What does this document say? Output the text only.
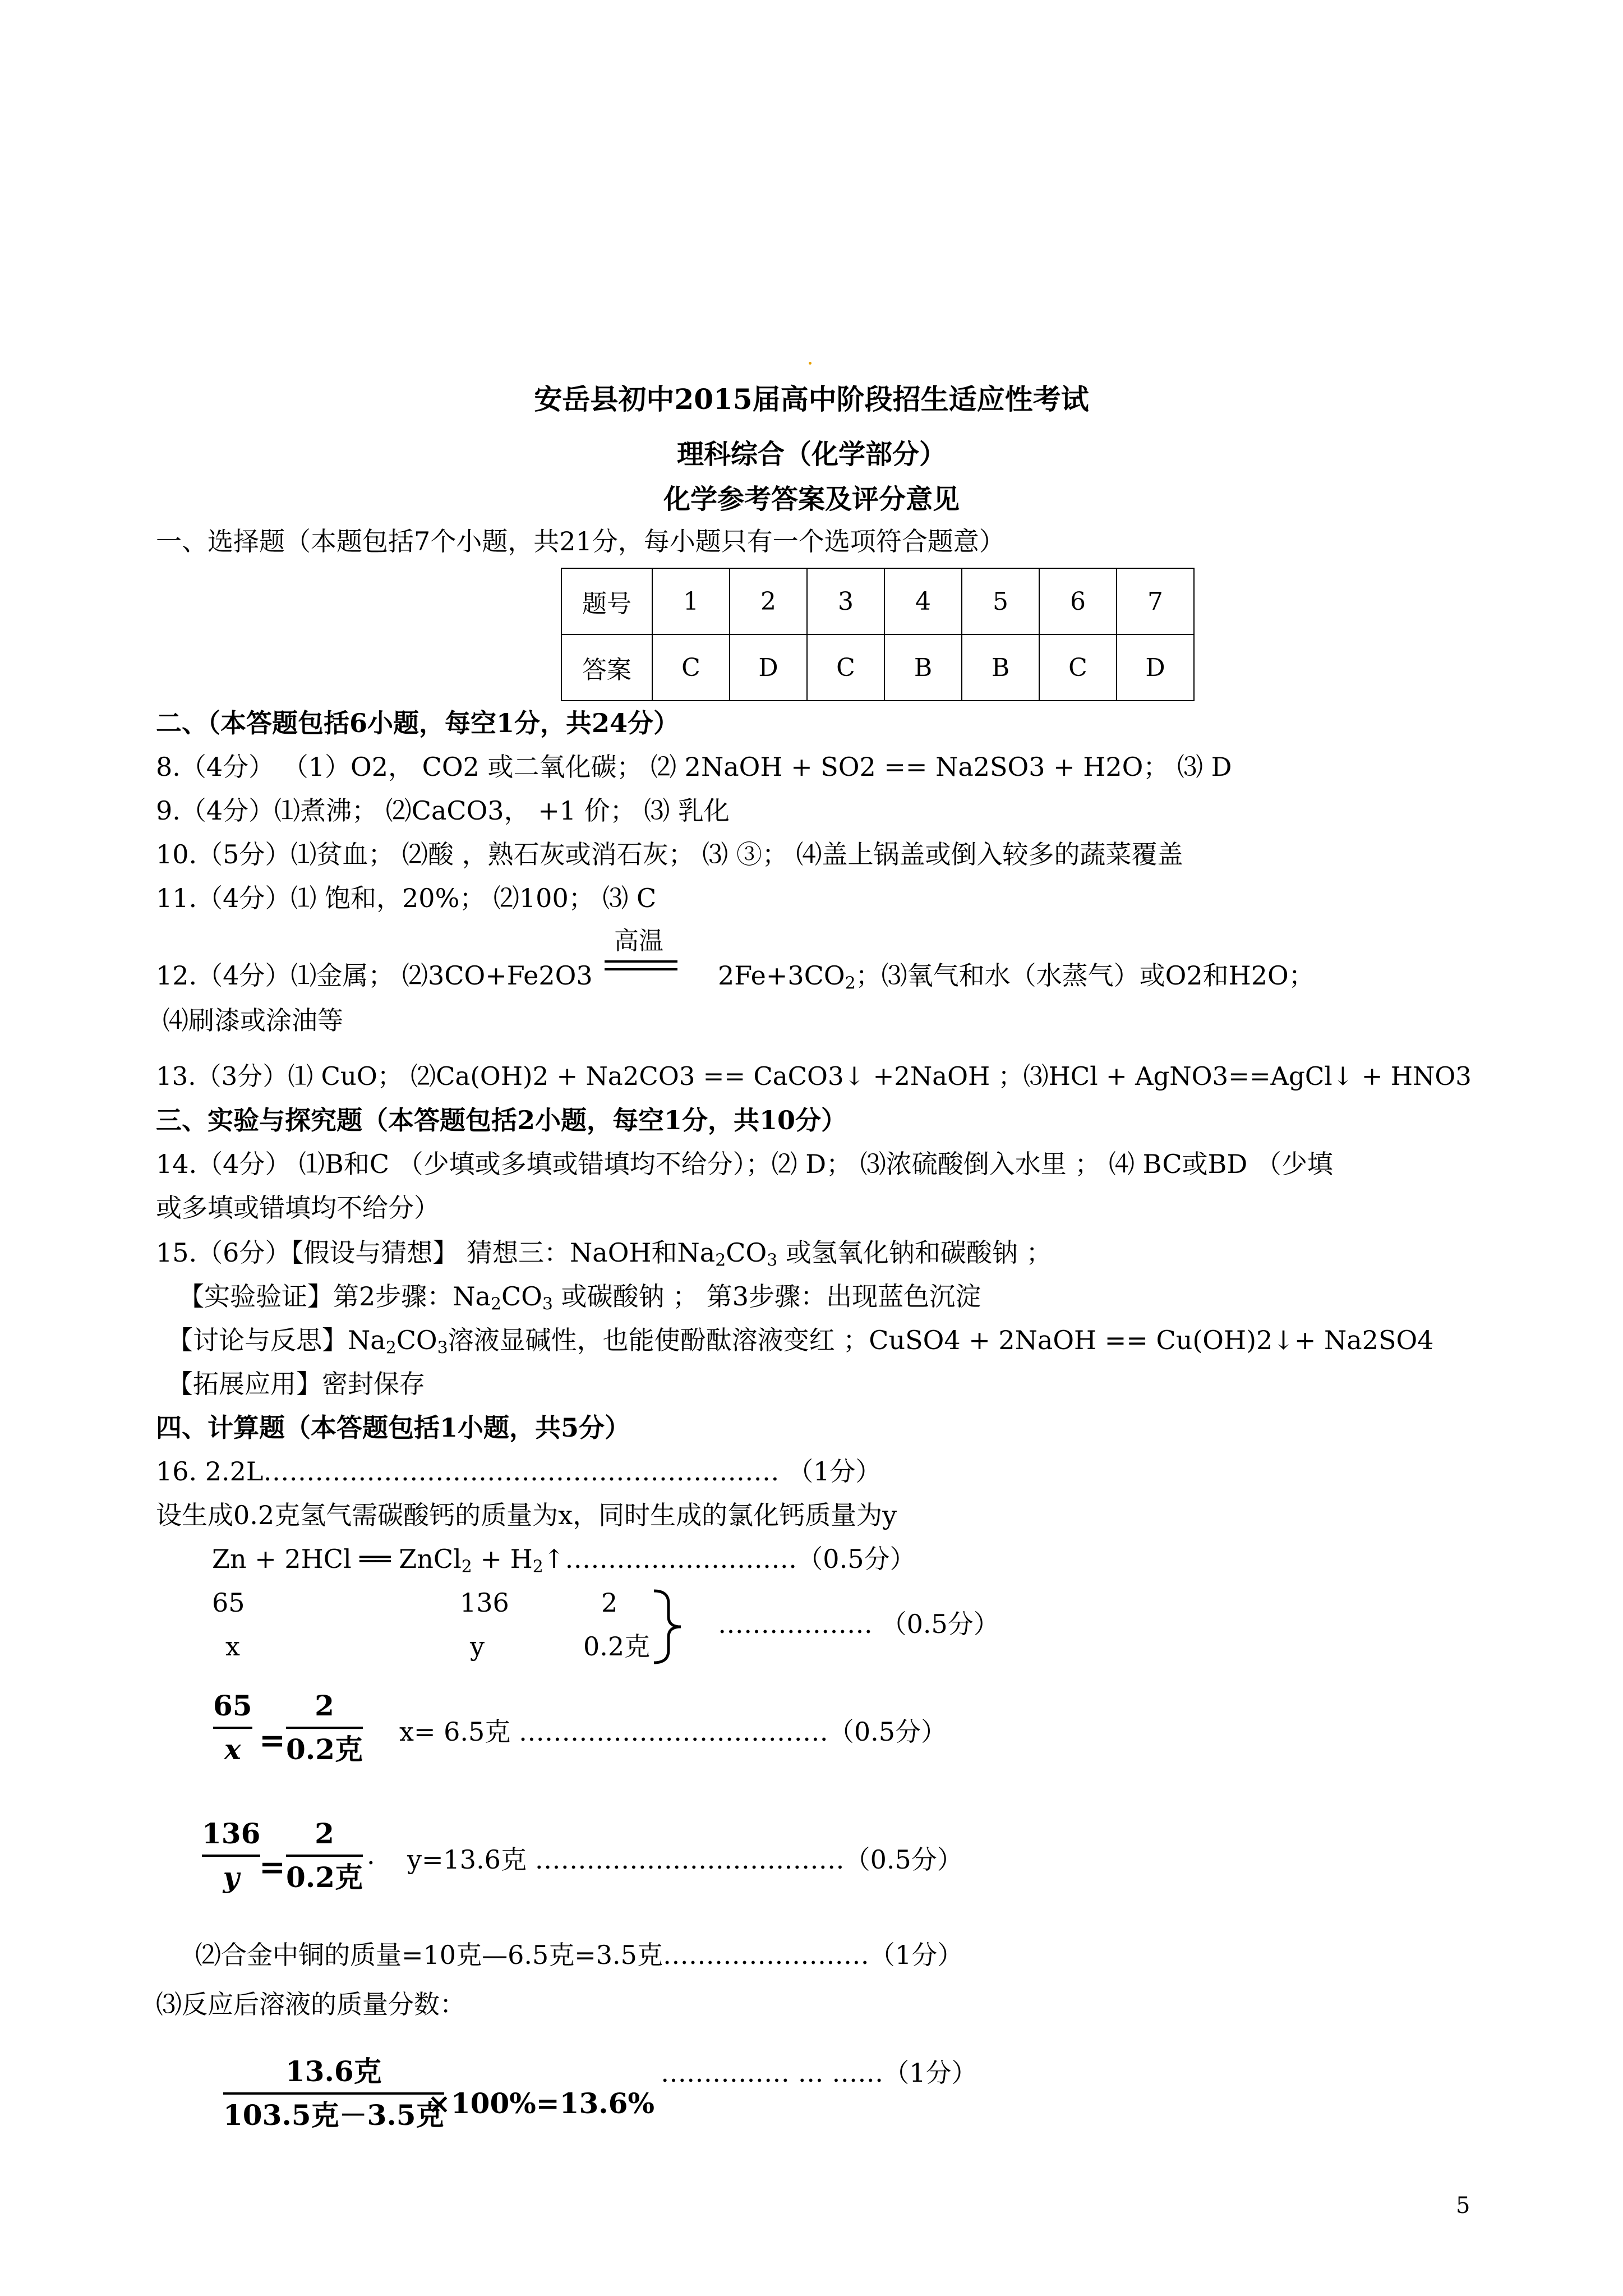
安岳县初中2015届高中阶段招生适应性考试
理科综合（化学部分）
化学参考答案及评分意见
一、选择题（本题包括7个小题，共21分，每小题只有一个选项符合题意）
题号	1	2	3	4	5	6	7
答案	C	D	C	B	B	C	D
二、（本答题包括6小题，每空1分，共24分）
8.（4分） （1）O2， CO2 或二氧化碳； ⑵ 2NaOH + SO2 == Na2SO3 + H2O； ⑶ D
9.（4分）⑴煮沸； ⑵CaCO3， +1 价； ⑶ 乳化
10.（5分）⑴贫血； ⑵酸 ，熟石灰或消石灰； ⑶ ③； ⑷盖上锅盖或倒入较多的蔬菜覆盖
11.（4分）⑴ 饱和，20%； ⑵100； ⑶ C
12.（4分）⑴金属； ⑵3CO+Fe2O3
高温
$2Fe+3CO_2$；⑶氧气和水（水蒸气）或O2和H2O；
⑷刷漆或涂油等
13.（3分）⑴ CuO； ⑵Ca(OH)2 + Na2CO3 == CaCO3↓ +2NaOH ；⑶HCl + AgNO3==AgCl↓ + HNO3
三、实验与探究题（本答题包括2小题，每空1分，共10分）
14.（4分） ⑴B和C （少填或多填或错填均不给分）；⑵ D； ⑶浓硫酸倒入水里 ； ⑷ BC或BD （少填
或多填或错填均不给分）
15.（6分）【假设与猜想】 猜想三：NaOH和$Na_2CO_3$ 或氢氧化钠和碳酸钠 ；
【实验验证】第2步骤：$Na_2CO_3$ 或碳酸钠 ； 第3步骤：出现蓝色沉淀
【讨论与反思】$Na_2CO_3$溶液显碱性，也能使酚酞溶液变红 ；CuSO4 + 2NaOH == Cu(OH)2↓+ Na2SO4
【拓展应用】密封保存
四、计算题（本答题包括1小题，共5分）
16. 2.2L…………………………………………………… （1分）
设生成0.2克氢气需碳酸钙的质量为x，同时生成的氯化钙质量为y
Zn + 2HCl ══ ZnCl$_2$ + $H_2↑\dots\dots\dots\dots\dots\dots\dots\dots\dots(0.5$分）
65	136	2
x	y	0.2克
……………… （0.5分）
65
x =
2
0.2克
x= 6.5克 ………………………………（0.5分）
136
y =
2
0.2克
. y=13.6克 ………………………………（0.5分）
⑵合金中铜的质量=10克—6.5克=3.5克……………………（1分）
⑶反应后溶液的质量分数：
13.6克
103.5克－3.5克
×100%=13.6%
…………… … ……（1分）
5
